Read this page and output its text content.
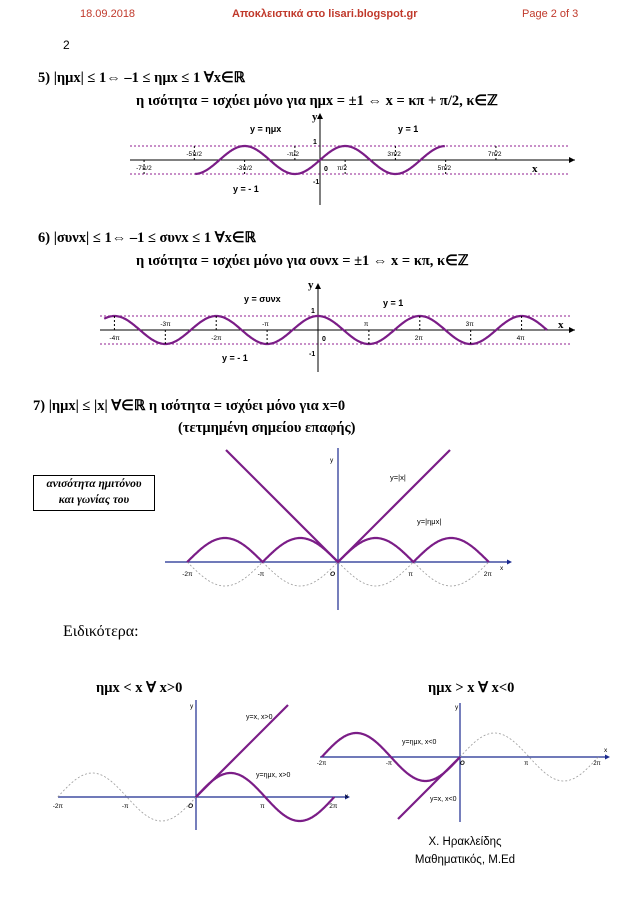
18.09.2018	Αποκλειστικά στο lisari.blogspot.gr	Page 2 of 3
2
5) |ημx| ≤ 1⇔ –1 ≤ ημx ≤ 1 ∀x∈ℝ
η ισότητα = ισχύει μόνο για ημx = ±1 ⇔ x = κπ + π/2, κ∈ℤ
6) |συνx| ≤ 1⇔ –1 ≤ συνx ≤ 1 ∀x∈ℝ
η ισότητα = ισχύει μόνο για συνx = ±1 ⇔ x = κπ, κ∈ℤ
7) |ημx| ≤ |x| ∀∈ℝ η ισότητα = ισχύει μόνο για x=0
(τετμημένη σημείου επαφής)
ανισότητα ημιτόνου
και γωνίας του
Ειδικότερα:
ημx < x ∀ x>0	ημx > x ∀ x<0
Χ. Ηρακλείδης
Μαθηματικός, M.Ed
-5π/2	-π/2	3π/2	7π/2
-7π/2	-3π/2	π/2	5π/2
y
x
y = ημx	y = 1
y = - 1
1
-1
0
-3π	-π	π	3π
-4π	-2π	2π	4π
y
x
y = συνx	y = 1
y = - 1
1
-1
0
-2π	-π	O	π	2π
y
x
y=|x|
y=|ημx|
-2π	-π	O	π	2π
y
x
y=x, x>0
y=ημx, x>0
-2π	-π	O	π	2π
y
x
y=ημx, x<0
y=x, x<0
